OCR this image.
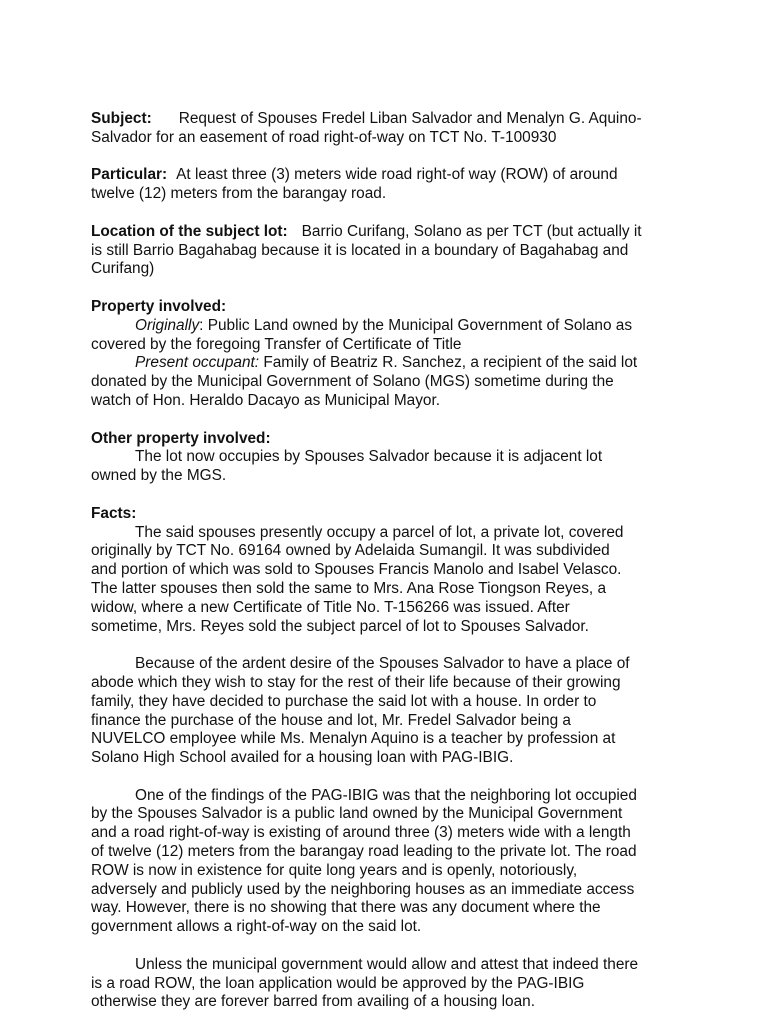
Subject: Request of Spouses Fredel Liban Salvador and Menalyn G. Aquino-
Salvador for an easement of road right-of-way on TCT No. T-100930
Particular: At least three (3) meters wide road right-of way (ROW) of around
twelve (12) meters from the barangay road.
Location of the subject lot: Barrio Curifang, Solano as per TCT (but actually it
is still Barrio Bagahabag because it is located in a boundary of Bagahabag and
Curifang)
Property involved:
Originally: Public Land owned by the Municipal Government of Solano as
covered by the foregoing Transfer of Certificate of Title
Present occupant: Family of Beatriz R. Sanchez, a recipient of the said lot
donated by the Municipal Government of Solano (MGS) sometime during the
watch of Hon. Heraldo Dacayo as Municipal Mayor.
Other property involved:
The lot now occupies by Spouses Salvador because it is adjacent lot
owned by the MGS.
Facts:
The said spouses presently occupy a parcel of lot, a private lot, covered
originally by TCT No. 69164 owned by Adelaida Sumangil. It was subdivided
and portion of which was sold to Spouses Francis Manolo and Isabel Velasco.
The latter spouses then sold the same to Mrs. Ana Rose Tiongson Reyes, a
widow, where a new Certificate of Title No. T-156266 was issued. After
sometime, Mrs. Reyes sold the subject parcel of lot to Spouses Salvador.
Because of the ardent desire of the Spouses Salvador to have a place of
abode which they wish to stay for the rest of their life because of their growing
family, they have decided to purchase the said lot with a house. In order to
finance the purchase of the house and lot, Mr. Fredel Salvador being a
NUVELCO employee while Ms. Menalyn Aquino is a teacher by profession at
Solano High School availed for a housing loan with PAG-IBIG.
One of the findings of the PAG-IBIG was that the neighboring lot occupied
by the Spouses Salvador is a public land owned by the Municipal Government
and a road right-of-way is existing of around three (3) meters wide with a length
of twelve (12) meters from the barangay road leading to the private lot. The road
ROW is now in existence for quite long years and is openly, notoriously,
adversely and publicly used by the neighboring houses as an immediate access
way. However, there is no showing that there was any document where the
government allows a right-of-way on the said lot.
Unless the municipal government would allow and attest that indeed there
is a road ROW, the loan application would be approved by the PAG-IBIG
otherwise they are forever barred from availing of a housing loan.
